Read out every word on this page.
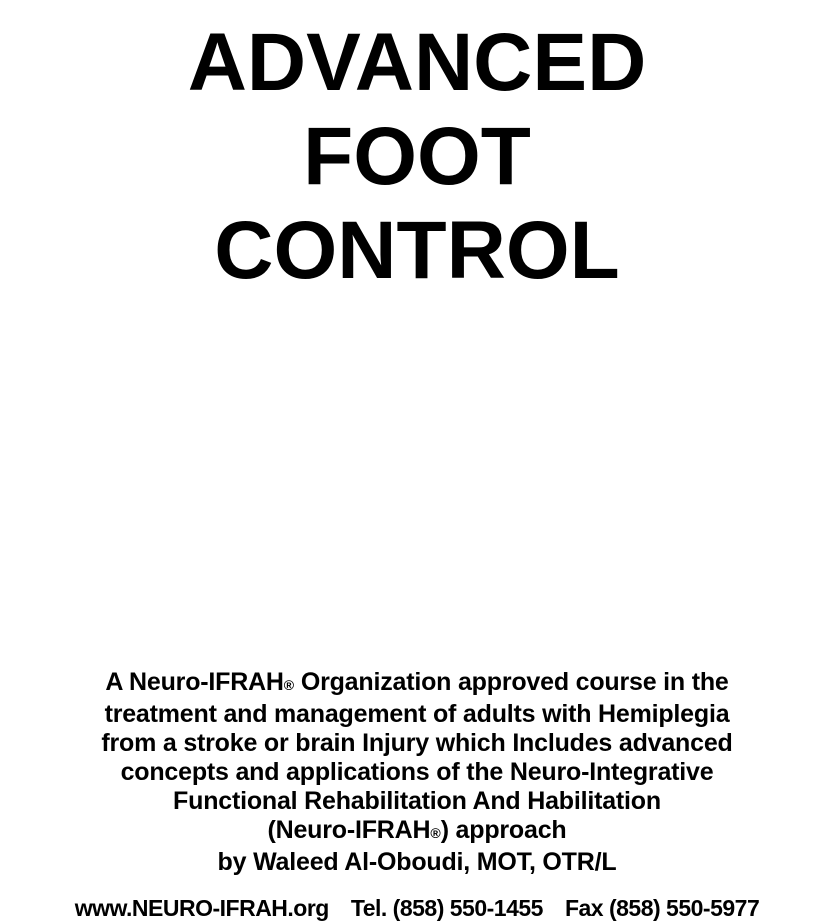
ADVANCED
FOOT
CONTROL
A Neuro-IFRAH® Organization approved course in the
treatment and management of adults with Hemiplegia
from a stroke or brain Injury which Includes advanced
concepts and applications of the Neuro-Integrative
Functional Rehabilitation And Habilitation
(Neuro-IFRAH®) approach
by Waleed Al-Oboudi, MOT, OTR/L
www.NEURO-IFRAH.org Tel. (858) 550-1455 Fax (858) 550-5977
